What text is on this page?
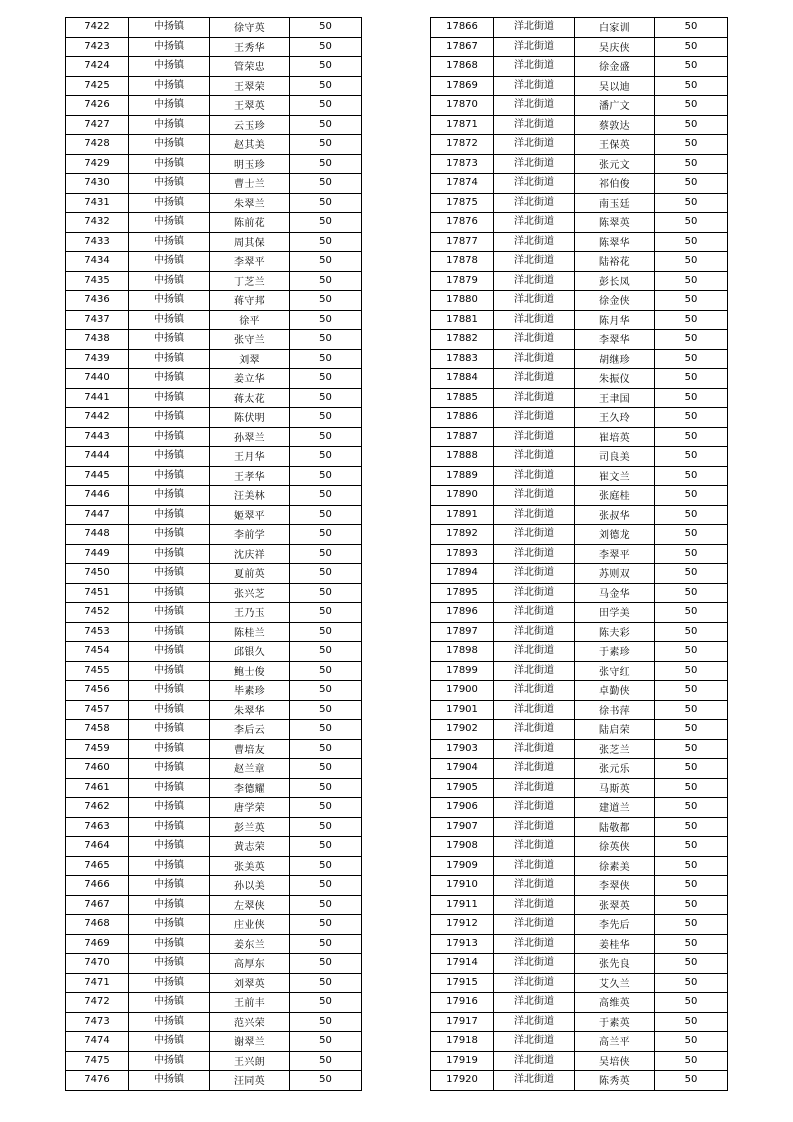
7422	中扬镇	徐守英	50
7423	中扬镇	王秀华	50
7424	中扬镇	管荣忠	50
7425	中扬镇	王翠荣	50
7426	中扬镇	王翠英	50
7427	中扬镇	云玉珍	50
7428	中扬镇	赵其美	50
7429	中扬镇	明玉珍	50
7430	中扬镇	曹士兰	50
7431	中扬镇	朱翠兰	50
7432	中扬镇	陈前花	50
7433	中扬镇	周其保	50
7434	中扬镇	李翠平	50
7435	中扬镇	丁芝兰	50
7436	中扬镇	蒋守邦	50
7437	中扬镇	徐平	50
7438	中扬镇	张守兰	50
7439	中扬镇	刘翠	50
7440	中扬镇	姜立华	50
7441	中扬镇	蒋太花	50
7442	中扬镇	陈伏明	50
7443	中扬镇	孙翠兰	50
7444	中扬镇	王月华	50
7445	中扬镇	王孝华	50
7446	中扬镇	汪美林	50
7447	中扬镇	姬翠平	50
7448	中扬镇	李前学	50
7449	中扬镇	沈庆祥	50
7450	中扬镇	夏前英	50
7451	中扬镇	张兴芝	50
7452	中扬镇	王乃玉	50
7453	中扬镇	陈桂兰	50
7454	中扬镇	邱银久	50
7455	中扬镇	鲍士俊	50
7456	中扬镇	毕素珍	50
7457	中扬镇	朱翠华	50
7458	中扬镇	李后云	50
7459	中扬镇	曹培友	50
7460	中扬镇	赵兰章	50
7461	中扬镇	李德耀	50
7462	中扬镇	唐学荣	50
7463	中扬镇	彭兰英	50
7464	中扬镇	黄志荣	50
7465	中扬镇	张美英	50
7466	中扬镇	孙以美	50
7467	中扬镇	左翠侠	50
7468	中扬镇	庄业侠	50
7469	中扬镇	姜东兰	50
7470	中扬镇	高厚东	50
7471	中扬镇	刘翠英	50
7472	中扬镇	王前丰	50
7473	中扬镇	范兴荣	50
7474	中扬镇	谢翠兰	50
7475	中扬镇	王兴朗	50
7476	中扬镇	汪同英	50
17866	洋北街道	白家训	50
17867	洋北街道	吴庆侠	50
17868	洋北街道	徐金盛	50
17869	洋北街道	吴以迪	50
17870	洋北街道	潘广文	50
17871	洋北街道	蔡敦达	50
17872	洋北街道	王保英	50
17873	洋北街道	张元文	50
17874	洋北街道	祁伯俊	50
17875	洋北街道	南玉廷	50
17876	洋北街道	陈翠英	50
17877	洋北街道	陈翠华	50
17878	洋北街道	陆裕花	50
17879	洋北街道	彭长凤	50
17880	洋北街道	徐金侠	50
17881	洋北街道	陈月华	50
17882	洋北街道	李翠华	50
17883	洋北街道	胡继珍	50
17884	洋北街道	朱振仪	50
17885	洋北街道	王聿国	50
17886	洋北街道	王久玲	50
17887	洋北街道	崔培英	50
17888	洋北街道	司良美	50
17889	洋北街道	崔文兰	50
17890	洋北街道	张庭桂	50
17891	洋北街道	张叔华	50
17892	洋北街道	刘德龙	50
17893	洋北街道	李翠平	50
17894	洋北街道	苏则双	50
17895	洋北街道	马金华	50
17896	洋北街道	田学美	50
17897	洋北街道	陈夫彩	50
17898	洋北街道	于素珍	50
17899	洋北街道	张守红	50
17900	洋北街道	卓勤侠	50
17901	洋北街道	徐书萍	50
17902	洋北街道	陆启荣	50
17903	洋北街道	张芝兰	50
17904	洋北街道	张元乐	50
17905	洋北街道	马斯英	50
17906	洋北街道	建道兰	50
17907	洋北街道	陆敬都	50
17908	洋北街道	徐英侠	50
17909	洋北街道	徐素美	50
17910	洋北街道	李翠侠	50
17911	洋北街道	张翠英	50
17912	洋北街道	李先后	50
17913	洋北街道	姜桂华	50
17914	洋北街道	张先良	50
17915	洋北街道	艾久兰	50
17916	洋北街道	高维英	50
17917	洋北街道	于素英	50
17918	洋北街道	高兰平	50
17919	洋北街道	吴培侠	50
17920	洋北街道	陈秀英	50
